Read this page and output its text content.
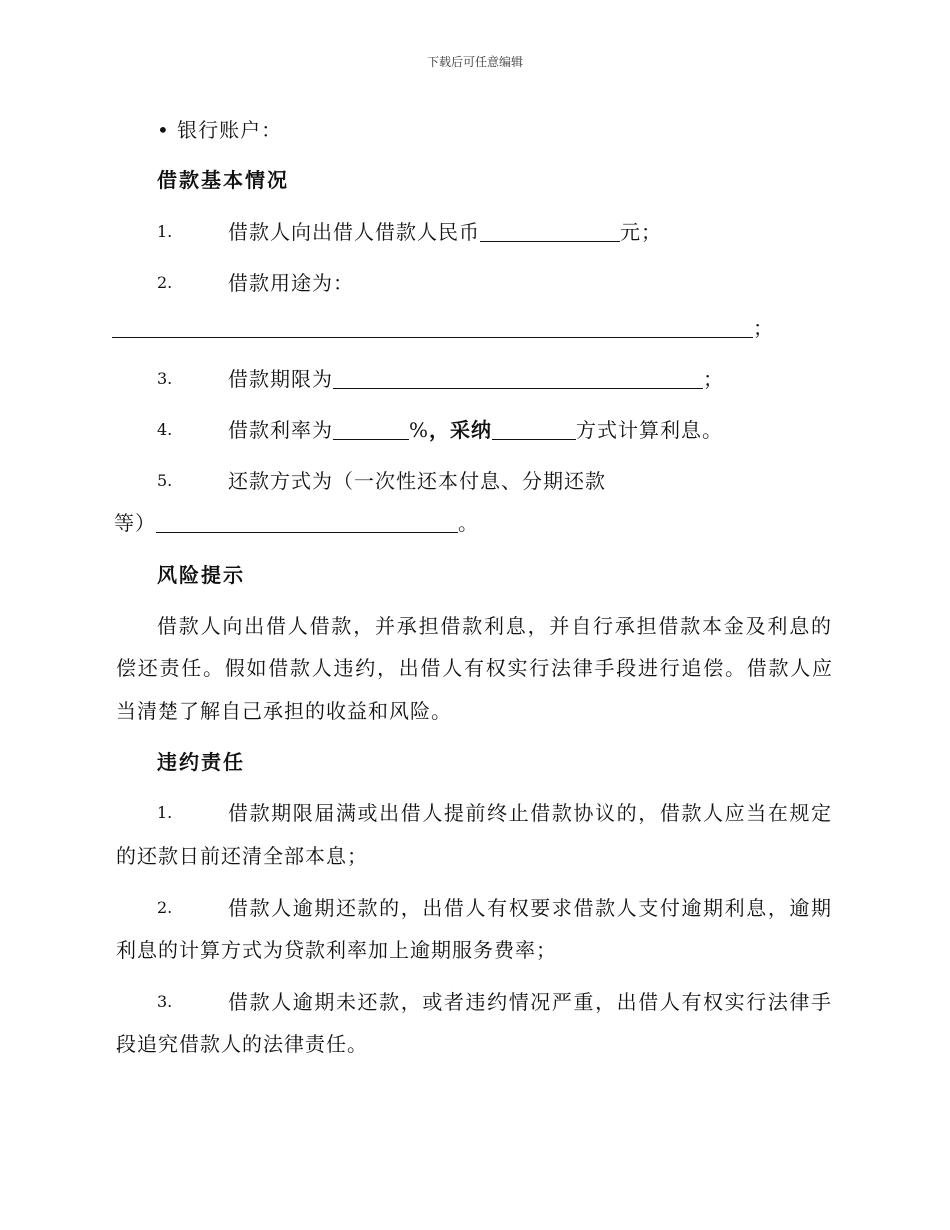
下载后可任意编辑
• 银行账户：
借款基本情况
1.	借款人向出借人借款人民币	元；
2.	借款用途为：
；
3.	借款期限为	；
4.	借款利率为	%，采纳	方式计算利息。
5.	还款方式为（一次性还本付息、分期还款
等）	。
风险提示
借款人向出借人借款，并承担借款利息，并自行承担借款本金及利息的
偿还责任。假如借款人违约，出借人有权实行法律手段进行追偿。借款人应
当清楚了解自己承担的收益和风险。
违约责任
1.	借款期限届满或出借人提前终止借款协议的，借款人应当在规定
的还款日前还清全部本息；
2.	借款人逾期还款的，出借人有权要求借款人支付逾期利息，逾期
利息的计算方式为贷款利率加上逾期服务费率；
3.	借款人逾期未还款，或者违约情况严重，出借人有权实行法律手
段追究借款人的法律责任。
